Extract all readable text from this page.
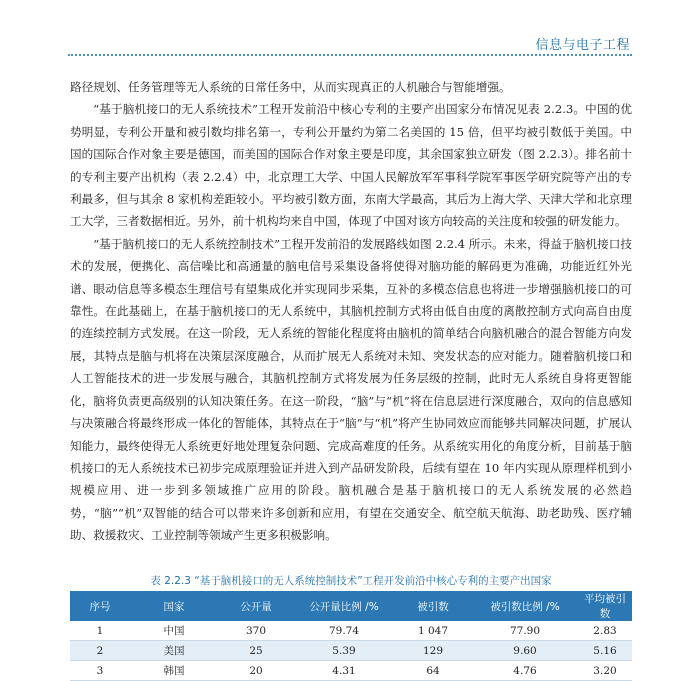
信息与电子工程

路径规划、任务管理等无人系统的日常任务中，从而实现真正的人机融合与智能增强。

“基于脑机接口的无人系统技术”工程开发前沿中核心专利的主要产出国家分布情况见表 2.2.3。中国的优势明显，专利公开量和被引数均排名第一，专利公开量约为第二名美国的 15 倍，但平均被引数低于美国。中国的国际合作对象主要是德国，而美国的国际合作对象主要是印度，其余国家独立研发（图 2.2.3）。排名前十的专利主要产出机构（表 2.2.4）中，北京理工大学、中国人民解放军军事科学院军事医学研究院等产出的专利最多，但与其余 8 家机构差距较小。平均被引数方面，东南大学最高，其后为上海大学、天津大学和北京理工大学，三者数据相近。另外，前十机构均来自中国，体现了中国对该方向较高的关注度和较强的研发能力。

“基于脑机接口的无人系统控制技术”工程开发前沿的发展路线如图 2.2.4 所示。未来，得益于脑机接口技术的发展，便携化、高信噪比和高通量的脑电信号采集设备将使得对脑功能的解码更为准确，功能近红外光谱、眼动信息等多模态生理信号有望集成化并实现同步采集，互补的多模态信息也将进一步增强脑机接口的可靠性。在此基础上，在基于脑机接口的无人系统中，其脑机控制方式将由低自由度的离散控制方式向高自由度的连续控制方式发展。在这一阶段，无人系统的智能化程度将由脑机的简单结合向脑机融合的混合智能方向发展，其特点是脑与机将在决策层深度融合，从而扩展无人系统对未知、突发状态的应对能力。随着脑机接口和人工智能技术的进一步发展与融合，其脑机控制方式将发展为任务层级的控制，此时无人系统自身将更智能化，脑将负责更高级别的认知决策任务。在这一阶段，“脑”与“机”将在信息层进行深度融合，双向的信息感知与决策融合将最终形成一体化的智能体，其特点在于“脑”与“机”将产生协同效应而能够共同解决问题，扩展认知能力，最终使得无人系统更好地处理复杂问题、完成高难度的任务。从系统实用化的角度分析，目前基于脑机接口的无人系统技术已初步完成原理验证并进入到产品研发阶段，后续有望在 10 年内实现从原理样机到小规模应用、进一步到多领域推广应用的阶段。脑机融合是基于脑机接口的无人系统发展的必然趋势，“脑”“机”双智能的结合可以带来许多创新和应用，有望在交通安全、航空航天航海、助老助残、医疗辅助、救援救灾、工业控制等领域产生更多积极影响。

表 2.2.3 “基于脑机接口的无人系统控制技术”工程开发前沿中核心专利的主要产出国家
序号	国家	公开量	公开量比例 /%	被引数	被引数比例 /%	平均被引数
1	中国	370	79.74	1 047	77.90	2.83
2	美国	25	5.39	129	9.60	5.16
3	韩国	20	4.31	64	4.76	3.20
